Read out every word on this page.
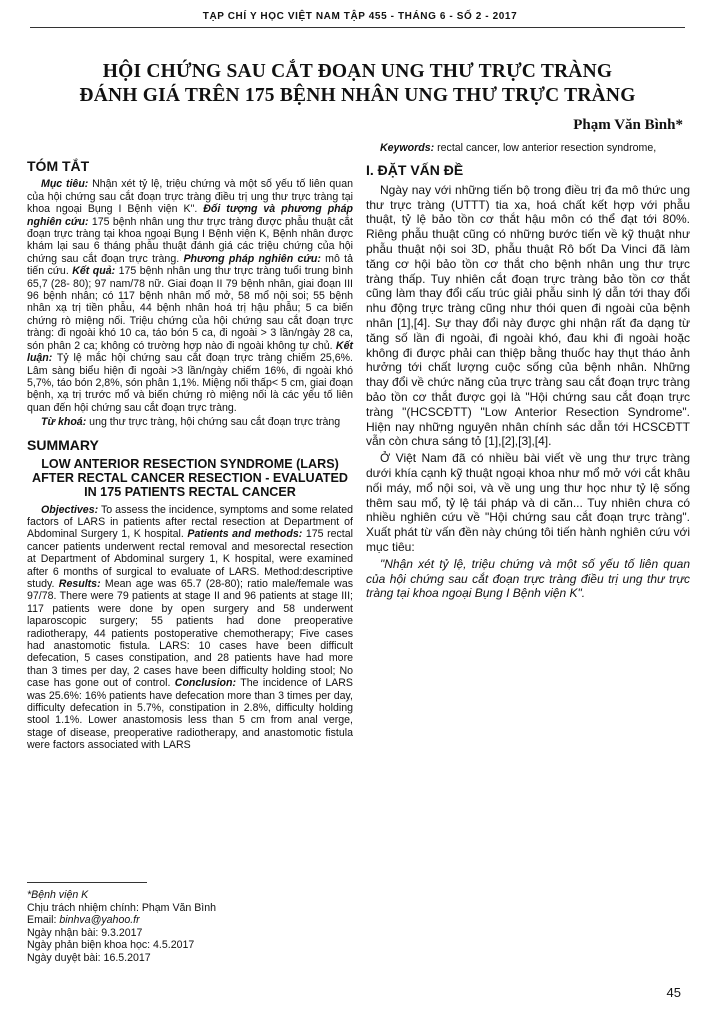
TẠP CHÍ Y HỌC VIỆT NAM TẬP 455 - THÁNG 6 - SỐ 2 - 2017
HỘI CHỨNG SAU CẮT ĐOẠN UNG THƯ TRỰC TRÀNG
ĐÁNH GIÁ TRÊN 175 BỆNH NHÂN UNG THƯ TRỰC TRÀNG
Phạm Văn Bình*
TÓM TẮT

Mục tiêu: Nhận xét tỷ lệ, triệu chứng và một số yếu tố liên quan của hội chứng sau cắt đoạn trực tràng điều trị ung thư trực tràng tại khoa ngoại Bụng I Bệnh viện K". Đối tượng và phương pháp nghiên cứu: 175 bệnh nhân ung thư trực tràng được phẫu thuật cắt đoạn trực tràng tại khoa ngoại Bụng I Bệnh viện K, Bệnh nhân được khám lại sau 6 tháng phẫu thuật đánh giá các triệu chứng của hội chứng sau cắt đoạn trực tràng. Phương pháp nghiên cứu: mô tả tiến cứu. Kết quả: 175 bệnh nhân ung thư trực tràng tuổi trung bình 65,7 (28- 80); 97 nam/78 nữ. Giai đoạn II 79 bệnh nhân, giai đoạn III 96 bệnh nhân; có 117 bệnh nhân mổ mở, 58 mổ nội soi; 55 bệnh nhân xạ trị tiền phẫu, 44 bệnh nhân hoá trị hậu phẫu; 5 ca biến chứng rò miệng nối. Triệu chứng của hội chứng sau cắt đoạn trực tràng: đi ngoài khó 10 ca, táo bón 5 ca, đi ngoài > 3 lần/ngày 28 ca, són phân 2 ca; không có trường hợp nào đi ngoài không tự chủ. Kết luận: Tỷ lệ mắc hội chứng sau cắt đoạn trực tràng chiếm 25,6%. Lâm sàng biểu hiện đi ngoài >3 lần/ngày chiếm 16%, đi ngoài khó 5,7%, táo bón 2,8%, són phân 1,1%. Miệng nối thấp< 5 cm, giai đoạn bệnh, xạ trị trước mổ và biến chứng rò miệng nối là các yếu tố liên quan đến hội chứng sau cắt đoạn trực tràng.

Từ khoá: ung thư trực tràng, hội chứng sau cắt đoạn trực tràng

SUMMARY
LOW ANTERIOR RESECTION SYNDROME (LARS) AFTER RECTAL CANCER RESECTION - EVALUATED IN 175 PATIENTS RECTAL CANCER

Objectives: To assess the incidence, symptoms and some related factors of LARS in patients after rectal resection at Department of Abdominal Surgery 1, K hospital. Patients and methods: 175 rectal cancer patients underwent rectal removal and mesorectal resection at Department of Abdominal surgery 1, K hospital, were examined after 6 months of surgical to evaluate of LARS. Method:descriptive study. Results: Mean age was 65.7 (28-80); ratio male/female was 97/78. There were 79 patients at stage II and 96 patients at stage III; 117 patients were done by open surgery and 58 underwent laparoscopic surgery; 55 patients had done preoperative radiotherapy, 44 patients postoperative chemotherapy; Five cases had anastomotic fistula. LARS: 10 cases have been difficult defecation, 5 cases constipation, and 28 patients have had more than 3 times per day, 2 cases have been difficulty holding stool; No case has gone out of control. Conclusion: The incidence of LARS was 25.6%: 16% patients have defecation more than 3 times per day, difficulty defecation in 5.7%, constipation in 2.8%, difficulty holding stool 1.1%. Lower anastomosis less than 5 cm from anal verge, stage of disease, preoperative radiotherapy, and anastomotic fistula were factors associated with LARS

Keywords: rectal cancer, low anterior resection syndrome,

I. ĐẶT VẤN ĐỀ

Ngày nay với những tiến bộ trong điều trị đa mô thức ung thư trực tràng (UTTT) tia xa, hoá chất kết hợp với phẫu thuật, tỷ lệ bảo tồn cơ thắt hậu môn có thể đạt tới 80%. Riêng phẫu thuật cũng có những bước tiến về kỹ thuật như phẫu thuật nội soi 3D, phẫu thuật Rô bốt Da Vinci đã làm tăng cơ hội bảo tồn cơ thắt cho bệnh nhân ung thư trực tràng thấp. Tuy nhiên cắt đoạn trực tràng bảo tồn cơ thắt cũng làm thay đổi cấu trúc giải phẫu sinh lý dẫn tới thay đổi nhu động trực tràng cũng như thói quen đi ngoài của bệnh nhân [1],[4]. Sự thay đổi này được ghi nhận rất đa dạng từ tăng số lần đi ngoài, đi ngoài khó, đau khi đi ngoài hoặc không đi được phải can thiệp bằng thuốc hay thụt tháo ảnh hưởng tới chất lượng cuộc sống của bệnh nhân. Những thay đổi về chức năng của trực tràng sau cắt đoạn trực tràng bảo tồn cơ thắt được gọi là "Hội chứng sau cắt đoạn trực tràng "(HCSCĐTT) "Low Anterior Resection Syndrome". Hiện nay những nguyên nhân chính sác dẫn tới HCSCĐTT vẫn còn chưa sáng tỏ [1],[2],[3],[4].

Ở Việt Nam đã có nhiều bài viết về ung thư trực tràng dưới khía cạnh kỹ thuật ngoại khoa như mổ mở với cắt khâu nối máy, mổ nội soi, và về ung ung thư học như tỷ lệ sống thêm sau mổ, tỷ lệ tái pháp và di căn... Tuy nhiên chưa có nhiều nghiên cứu về "Hội chứng sau cắt đoạn trực tràng". Xuất phát từ vấn đền này chúng tôi tiến hành nghiên cứu với mục tiêu:

"Nhận xét tỷ lệ, triệu chứng và một số yếu tố liên quan của hội chứng sau cắt đoạn trực tràng điều trị ung thư trực tràng tại khoa ngoại Bụng I Bệnh viện K".

*Bệnh viện K
Chịu trách nhiệm chính: Phạm Văn Bình
Email: binhva@yahoo.fr
Ngày nhận bài: 9.3.2017
Ngày phản biện khoa học: 4.5.2017
Ngày duyệt bài: 16.5.2017
45
